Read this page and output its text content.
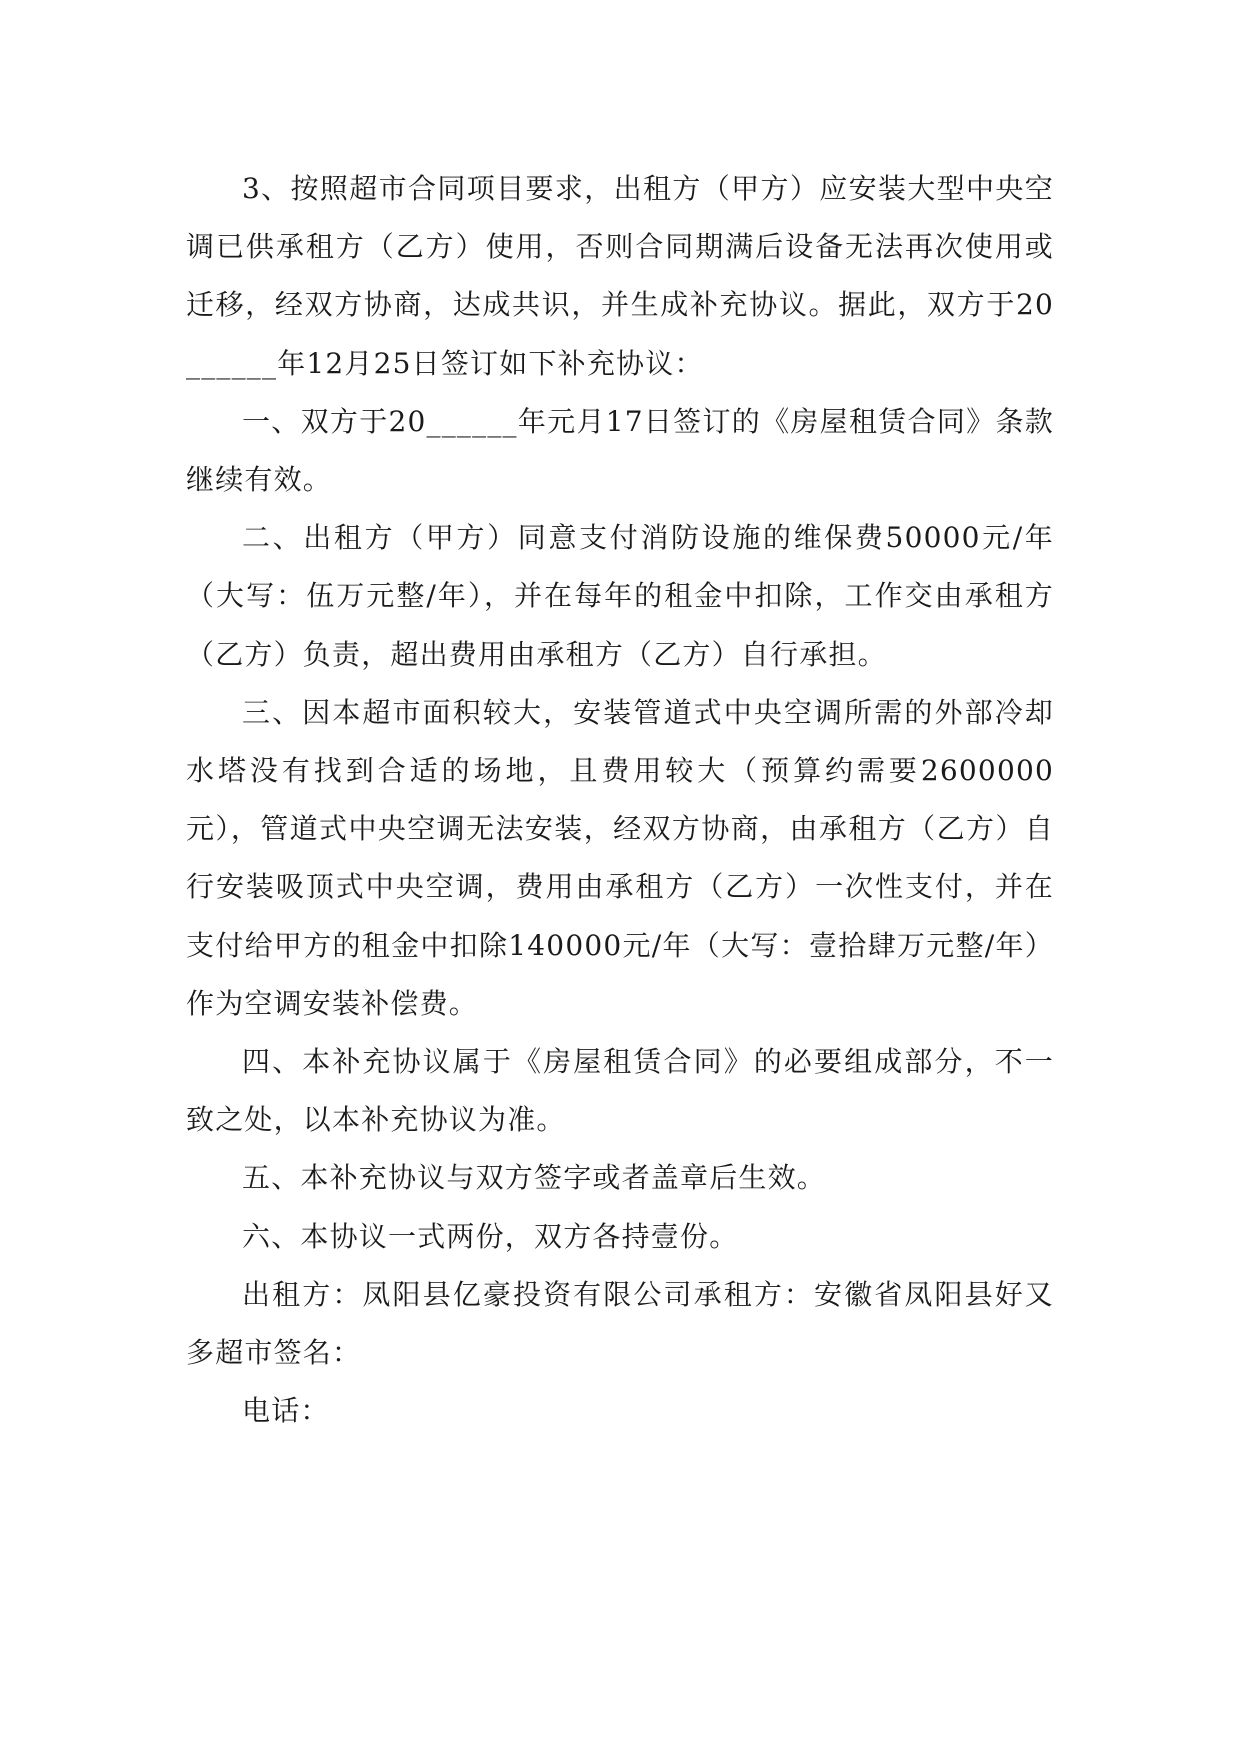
3、按照超市合同项目要求，出租方（甲方）应安装大型中央空调已供承租方（乙方）使用，否则合同期满后设备无法再次使用或迁移，经双方协商，达成共识，并生成补充协议。据此，双方于20______年12月25日签订如下补充协议：

一、双方于20______年元月17日签订的《房屋租赁合同》条款继续有效。

二、出租方（甲方）同意支付消防设施的维保费50000元/年（大写：伍万元整/年），并在每年的租金中扣除，工作交由承租方（乙方）负责，超出费用由承租方（乙方）自行承担。

三、因本超市面积较大，安装管道式中央空调所需的外部冷却水塔没有找到合适的场地，且费用较大（预算约需要2600000元），管道式中央空调无法安装，经双方协商，由承租方（乙方）自行安装吸顶式中央空调，费用由承租方（乙方）一次性支付，并在支付给甲方的租金中扣除140000元/年（大写：壹拾肆万元整/年）作为空调安装补偿费。

四、本补充协议属于《房屋租赁合同》的必要组成部分，不一致之处，以本补充协议为准。

五、本补充协议与双方签字或者盖章后生效。

六、本协议一式两份，双方各持壹份。

出租方：凤阳县亿豪投资有限公司承租方：安徽省凤阳县好又多超市签名：

电话：
